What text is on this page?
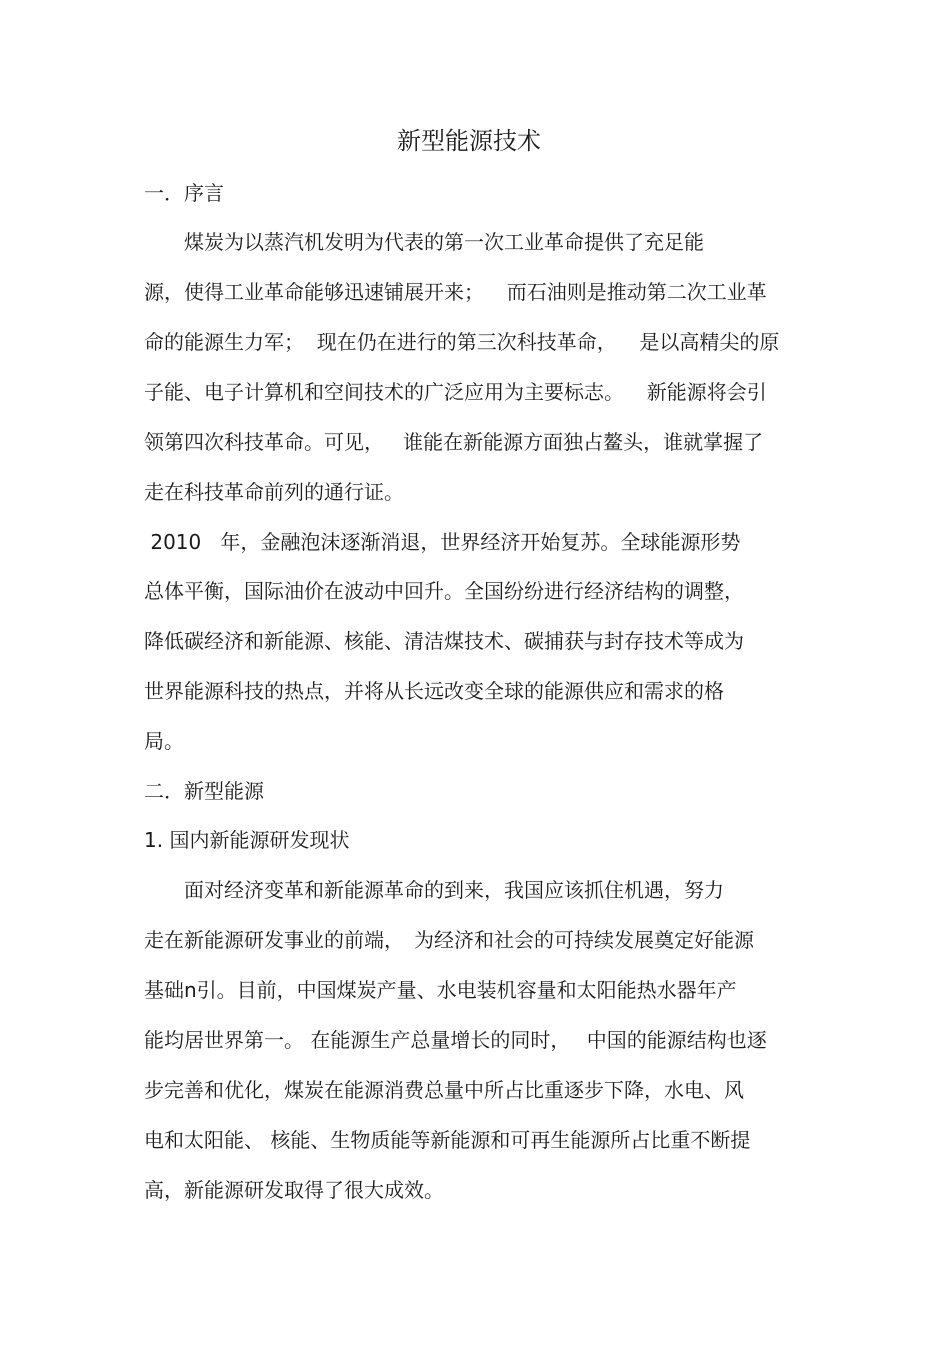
新型能源技术
一．序言
　　煤炭为以蒸汽机发明为代表的第一次工业革命提供了充足能
源，使得工业革命能够迅速铺展开来；　  而石油则是推动第二次工业革
命的能源生力军；  现在仍在进行的第三次科技革命，　  是以高精尖的原
子能、电子计算机和空间技术的广泛应用为主要标志。　  新能源将会引
领第四次科技革命。可见，   谁能在新能源方面独占鳌头，谁就掌握了
走在科技革命前列的通行证。
2010   年，金融泡沫逐渐消退，世界经济开始复苏。全球能源形势
总体平衡，国际油价在波动中回升。全国纷纷进行经济结构的调整，
降低碳经济和新能源、核能、清洁煤技术、碳捕获与封存技术等成为
世界能源科技的热点，并将从长远改变全球的能源供应和需求的格
局。
二．新型能源
1. 国内新能源研发现状
　　面对经济变革和新能源革命的到来，我国应该抓住机遇，努力
走在新能源研发事业的前端，　为经济和社会的可持续发展奠定好能源
基础n引。目前，中国煤炭产量、水电装机容量和太阳能热水器年产
能均居世界第一。 在能源生产总量增长的同时，　 中国的能源结构也逐
步完善和优化，煤炭在能源消费总量中所占比重逐步下降，水电、风
电和太阳能、 核能、生物质能等新能源和可再生能源所占比重不断提
高，新能源研发取得了很大成效。
